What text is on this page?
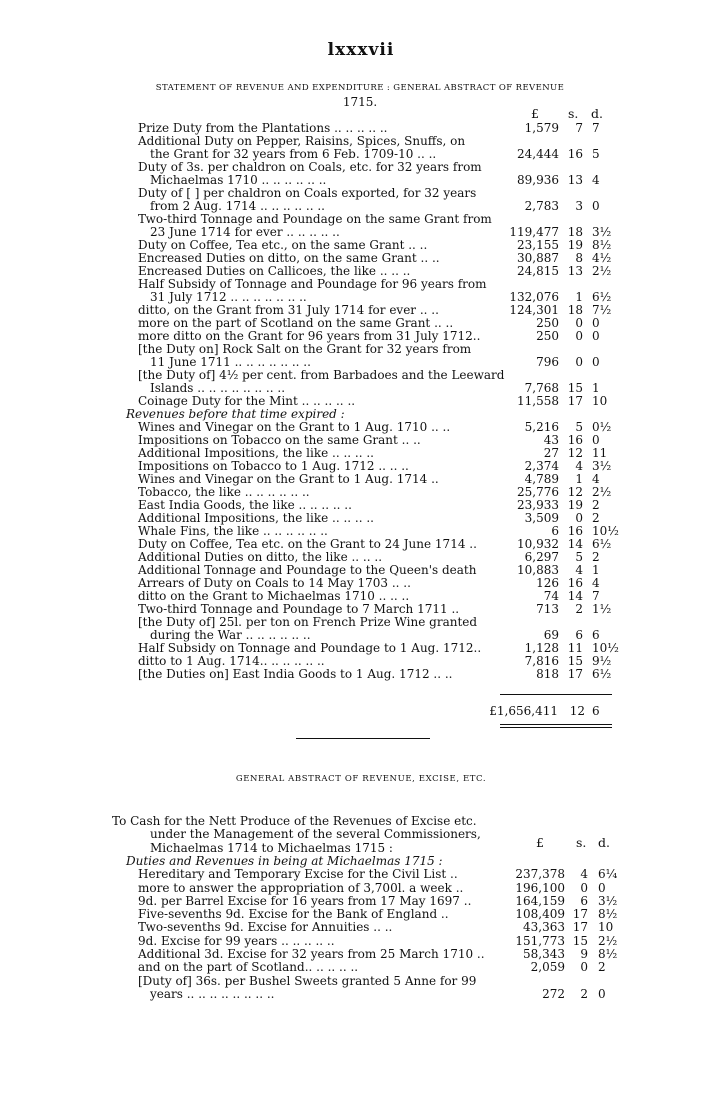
lxxxvii
STATEMENT OF REVENUE AND EXPENDITURE : GENERAL ABSTRACT OF REVENUE
1715.
£ s. d.
Prize Duty from the Plantations .. .. .. .. ..	1,579	7 7
Additional Duty on Pepper, Raisins, Spices, Snuffs, on
the Grant for 32 years from 6 Feb. 1709-10 .. ..	24,444 16 5
Duty of 3s. per chaldron on Coals, etc. for 32 years from
Michaelmas 1710 .. .. .. .. .. ..	89,936 13 4
Duty of [ ] per chaldron on Coals exported, for 32 years
from 2 Aug. 1714 .. .. .. .. .. ..	2,783	3 0
Two-third Tonnage and Poundage on the same Grant from
23 June 1714 for ever .. .. .. .. ..	119,477 18 3½
Duty on Coffee, Tea etc., on the same Grant .. ..	23,155 19 8½
Encreased Duties on ditto, on the same Grant .. ..	30,887	8 4½
Encreased Duties on Callicoes, the like .. .. ..	24,815 13 2½
Half Subsidy of Tonnage and Poundage for 96 years from
31 July 1712 .. .. .. .. .. .. ..	132,076	1 6½
ditto, on the Grant from 31 July 1714 for ever .. ..	124,301 18 7½
more on the part of Scotland on the same Grant .. ..	250	0 0
more ditto on the Grant for 96 years from 31 July 1712..	250	0 0
[the Duty on] Rock Salt on the Grant for 32 years from
11 June 1711 .. .. .. .. .. .. ..	796	0 0
[the Duty of] 4½ per cent. from Barbadoes and the Leeward
Islands .. .. .. .. .. .. .. ..	7,768 15 1
Coinage Duty for the Mint .. .. .. .. ..	11,558 17 10
Revenues before that time expired :
Wines and Vinegar on the Grant to 1 Aug. 1710 .. ..	5,216	5 0½
Impositions on Tobacco on the same Grant .. ..	43 16 0
Additional Impositions, the like .. .. .. ..	27 12 11
Impositions on Tobacco to 1 Aug. 1712 .. .. ..	2,374	4 3½
Wines and Vinegar on the Grant to 1 Aug. 1714 ..	4,789	1 4
Tobacco, the like .. .. .. .. .. ..	25,776 12 2½
East India Goods, the like .. .. .. .. ..	23,933 19 2
Additional Impositions, the like .. .. .. ..	3,509	0 2
Whale Fins, the like .. .. .. .. .. ..	6 16 10½
Duty on Coffee, Tea etc. on the Grant to 24 June 1714 ..	10,932 14 6½
Additional Duties on ditto, the like .. .. ..	6,297	5 2
Additional Tonnage and Poundage to the Queen's death	10,883	4 1
Arrears of Duty on Coals to 14 May 1703 .. ..	126 16 4
ditto on the Grant to Michaelmas 1710 .. .. ..	74 14 7
Two-third Tonnage and Poundage to 7 March 1711 ..	713	2 1½
[the Duty of] 25l. per ton on French Prize Wine granted
during the War .. .. .. .. .. ..	69	6 6
Half Subsidy on Tonnage and Poundage to 1 Aug. 1712..	1,128 11 10½
ditto to 1 Aug. 1714.. .. .. .. .. ..	7,816 15 9½
[the Duties on] East India Goods to 1 Aug. 1712 .. ..	818 17 6½
£1,656,411 12 6
GENERAL ABSTRACT OF REVENUE, EXCISE, ETC.
£	s. d.
To Cash for the Nett Produce of the Revenues of Excise etc.
under the Management of the several Commissioners,
Michaelmas 1714 to Michaelmas 1715 :
Duties and Revenues in being at Michaelmas 1715 :
Hereditary and Temporary Excise for the Civil List ..	237,378	4 6¼
more to answer the appropriation of 3,700l. a week ..	196,100	0 0
9d. per Barrel Excise for 16 years from 17 May 1697 ..	164,159	6 3½
Five-sevenths 9d. Excise for the Bank of England ..	108,409 17 8½
Two-sevenths 9d. Excise for Annuities .. ..	43,363 17 10
9d. Excise for 99 years .. .. .. .. ..	151,773 15 2½
Additional 3d. Excise for 32 years from 25 March 1710 ..	58,343	9 8½
and on the part of Scotland.. .. .. .. ..	2,059	0 2
[Duty of] 36s. per Bushel Sweets granted 5 Anne for 99
years .. .. .. .. .. .. .. ..	272	2 0
